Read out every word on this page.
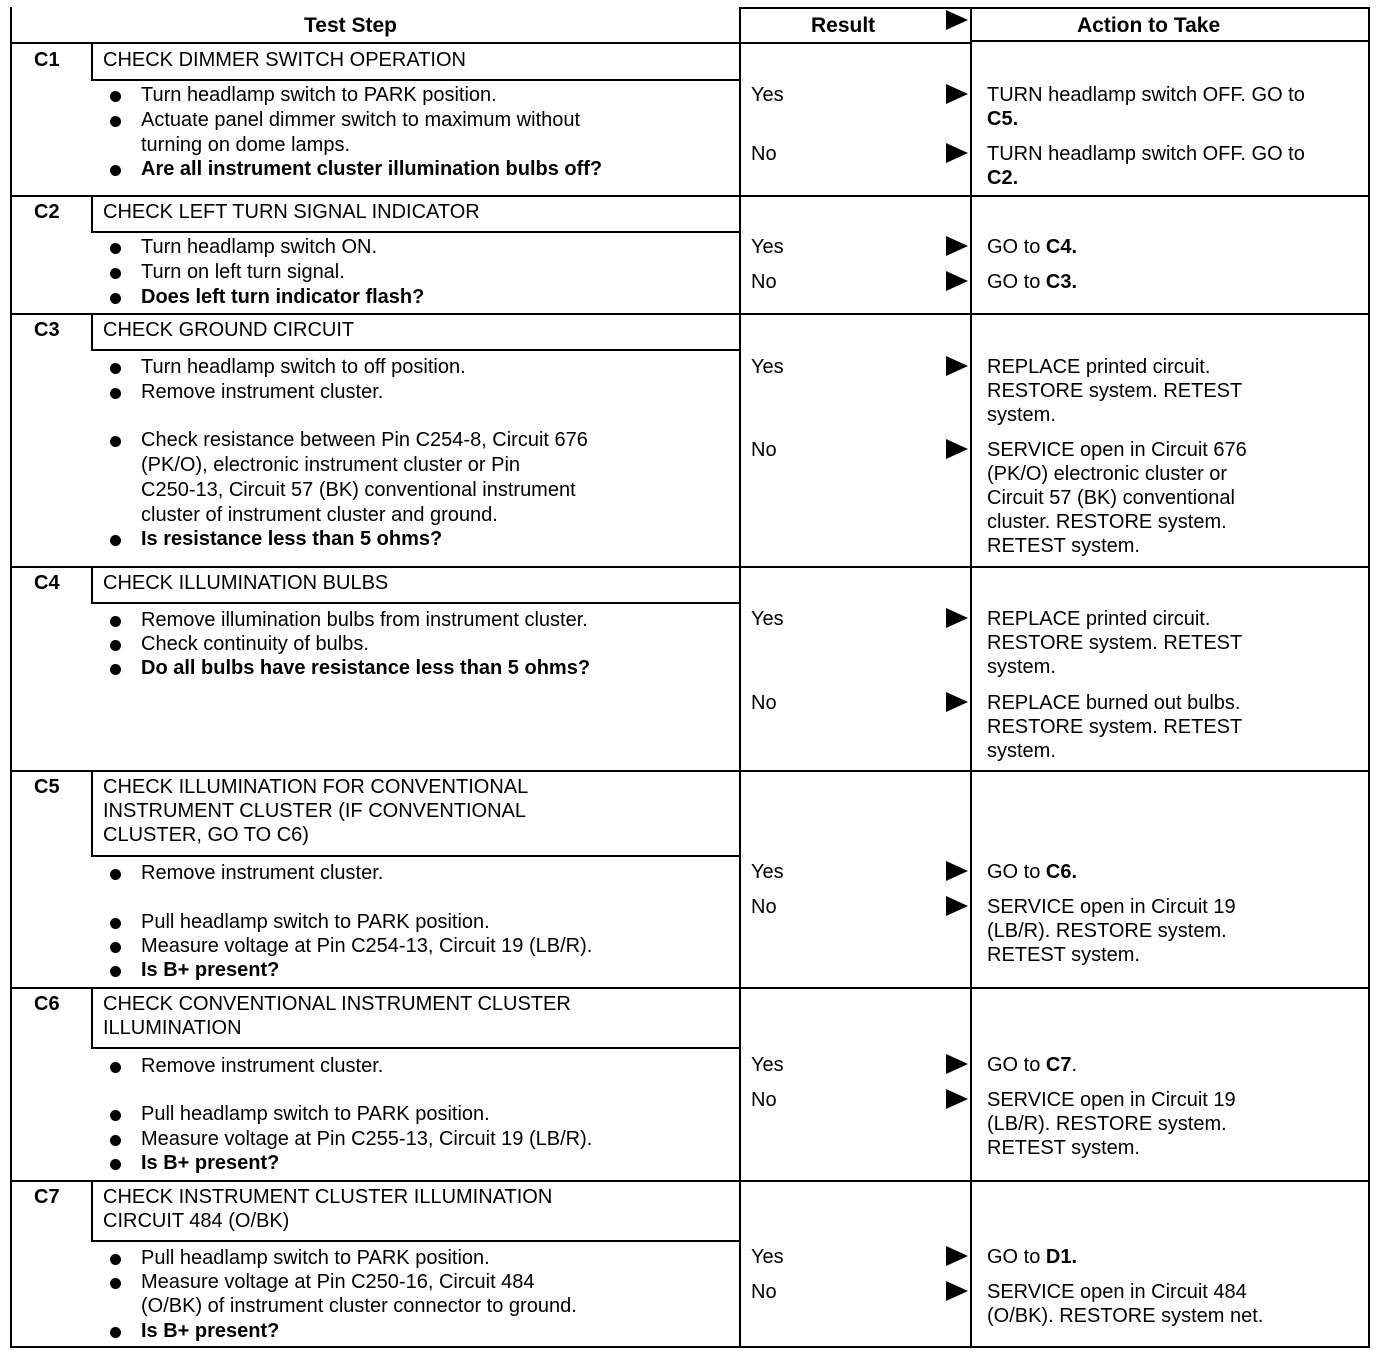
Test Step	Result	Action to Take
C1 CHECK DIMMER SWITCH OPERATION
Turn headlamp switch to PARK position.
Actuate panel dimmer switch to maximum without
turning on dome lamps.
Are all instrument cluster illumination bulbs off?
Yes	TURN headlamp switch OFF. GO to
C5.
No	TURN headlamp switch OFF. GO to
C2.
C2 CHECK LEFT TURN SIGNAL INDICATOR
Turn headlamp switch ON.
Turn on left turn signal.
Does left turn indicator flash?
Yes	GO to C4.
No	GO to C3.
C3 CHECK GROUND CIRCUIT
Turn headlamp switch to off position.
Remove instrument cluster.
Check resistance between Pin C254-8, Circuit 676
(PK/O), electronic instrument cluster or Pin
C250-13, Circuit 57 (BK) conventional instrument
cluster of instrument cluster and ground.
Is resistance less than 5 ohms?
Yes	REPLACE printed circuit.
RESTORE system. RETEST
system.
No	SERVICE open in Circuit 676
(PK/O) electronic cluster or
Circuit 57 (BK) conventional
cluster. RESTORE system.
RETEST system.
C4 CHECK ILLUMINATION BULBS
Remove illumination bulbs from instrument cluster.
Check continuity of bulbs.
Do all bulbs have resistance less than 5 ohms?
Yes	REPLACE printed circuit.
RESTORE system. RETEST
system.
No	REPLACE burned out bulbs.
RESTORE system. RETEST
system.
C5 CHECK ILLUMINATION FOR CONVENTIONAL
INSTRUMENT CLUSTER (IF CONVENTIONAL
CLUSTER, GO TO C6)
Remove instrument cluster.
Pull headlamp switch to PARK position.
Measure voltage at Pin C254-13, Circuit 19 (LB/R).
Is B+ present?
Yes	GO to C6.
No	SERVICE open in Circuit 19
(LB/R). RESTORE system.
RETEST system.
C6 CHECK CONVENTIONAL INSTRUMENT CLUSTER
ILLUMINATION
Remove instrument cluster.
Pull headlamp switch to PARK position.
Measure voltage at Pin C255-13, Circuit 19 (LB/R).
Is B+ present?
Yes	GO to C7.
No	SERVICE open in Circuit 19
(LB/R). RESTORE system.
RETEST system.
C7 CHECK INSTRUMENT CLUSTER ILLUMINATION
CIRCUIT 484 (O/BK)
Pull headlamp switch to PARK position.
Measure voltage at Pin C250-16, Circuit 484
(O/BK) of instrument cluster connector to ground.
Is B+ present?
Yes	GO to D1.
No	SERVICE open in Circuit 484
(O/BK). RESTORE system net.
